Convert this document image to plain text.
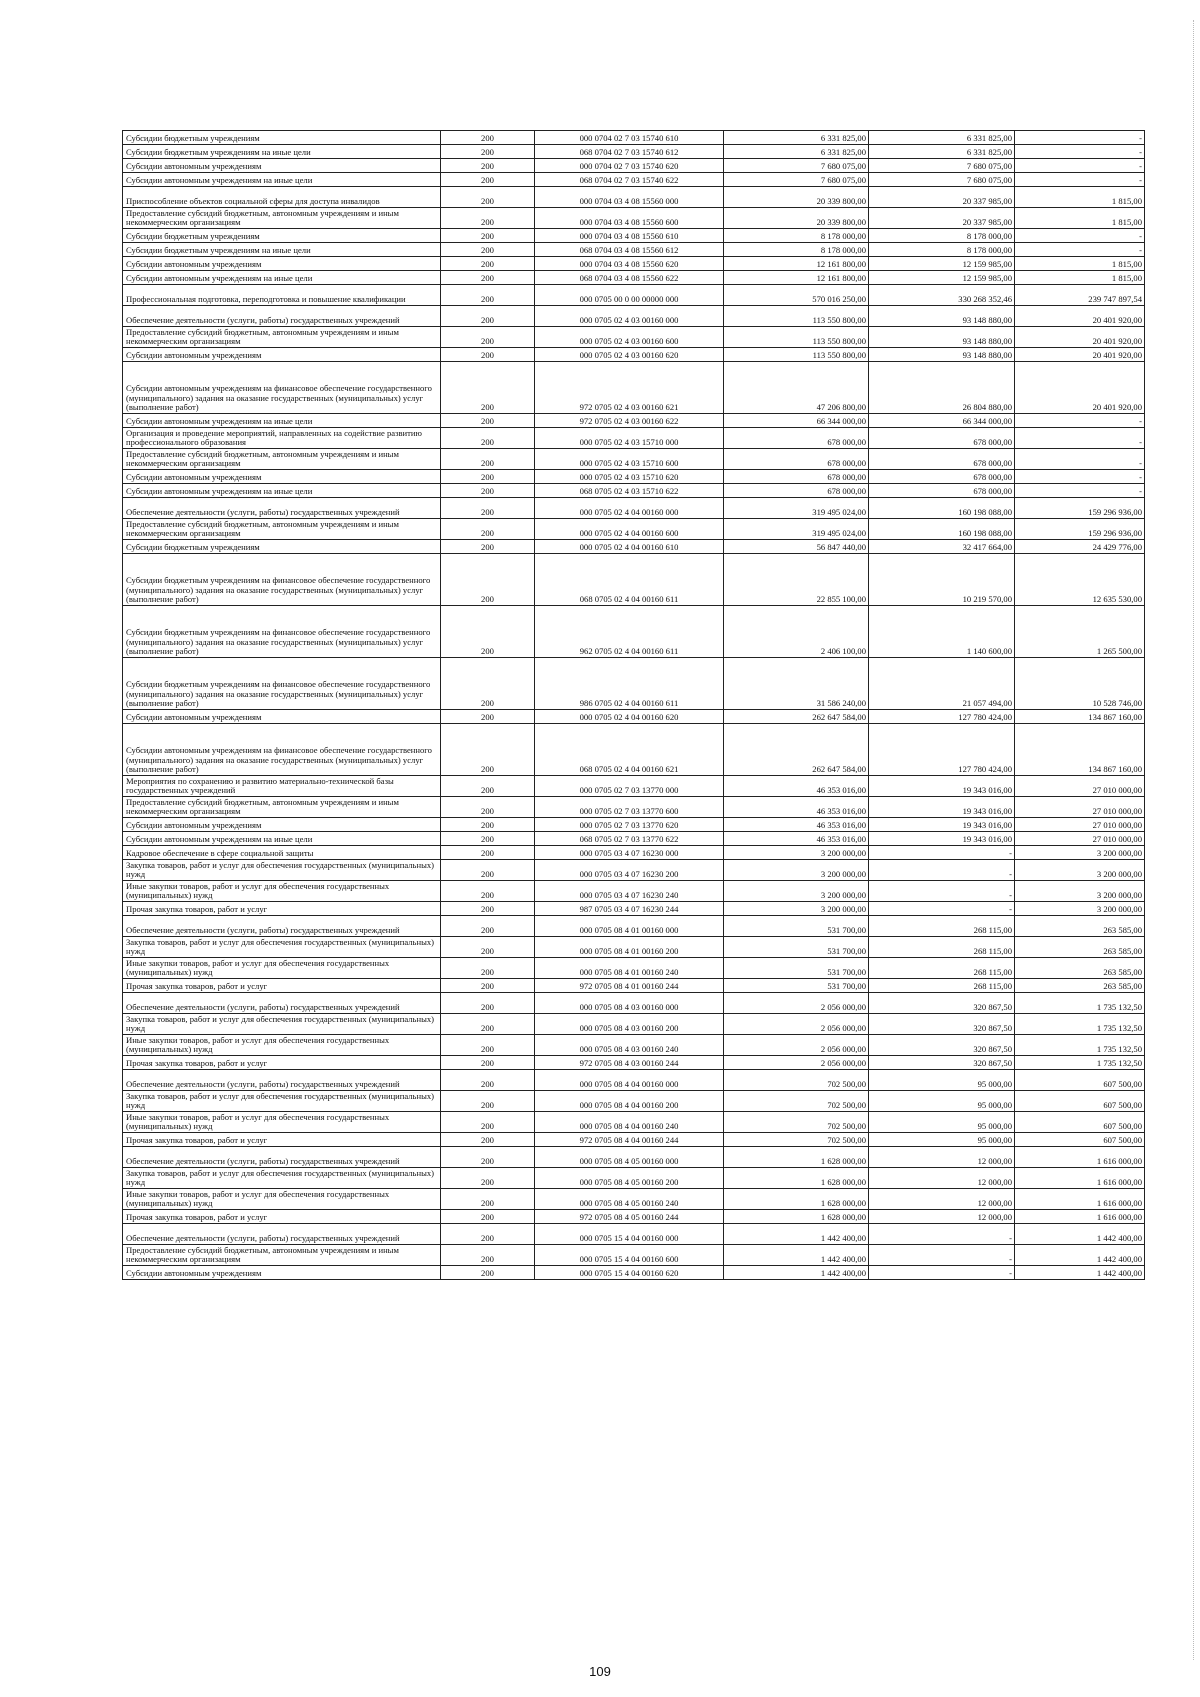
Субсидии бюджетным учреждениям	200	000 0704 02 7 03 15740 610	6 331 825,00	6 331 825,00	-
Субсидии бюджетным учреждениям на иные цели	200	068 0704 02 7 03 15740 612	6 331 825,00	6 331 825,00	-
Субсидии автономным учреждениям	200	000 0704 02 7 03 15740 620	7 680 075,00	7 680 075,00	-
Субсидии автономным учреждениям на иные цели	200	068 0704 02 7 03 15740 622	7 680 075,00	7 680 075,00	-
Приспособление объектов социальной сферы для доступа инвалидов	200	000 0704 03 4 08 15560 000	20 339 800,00	20 337 985,00	1 815,00
Предоставление субсидий бюджетным, автономным учреждениям и иным некоммерческим организациям	200	000 0704 03 4 08 15560 600	20 339 800,00	20 337 985,00	1 815,00
Субсидии бюджетным учреждениям	200	000 0704 03 4 08 15560 610	8 178 000,00	8 178 000,00	-
Субсидии бюджетным учреждениям на иные цели	200	068 0704 03 4 08 15560 612	8 178 000,00	8 178 000,00	-
Субсидии автономным учреждениям	200	000 0704 03 4 08 15560 620	12 161 800,00	12 159 985,00	1 815,00
Субсидии автономным учреждениям на иные цели	200	068 0704 03 4 08 15560 622	12 161 800,00	12 159 985,00	1 815,00
Профессиональная подготовка, переподготовка и повышение квалификации	200	000 0705 00 0 00 00000 000	570 016 250,00	330 268 352,46	239 747 897,54
Обеспечение деятельности (услуги, работы) государственных учреждений	200	000 0705 02 4 03 00160 000	113 550 800,00	93 148 880,00	20 401 920,00
Предоставление субсидий бюджетным, автономным учреждениям и иным некоммерческим организациям	200	000 0705 02 4 03 00160 600	113 550 800,00	93 148 880,00	20 401 920,00
Субсидии автономным учреждениям	200	000 0705 02 4 03 00160 620	113 550 800,00	93 148 880,00	20 401 920,00
Субсидии автономным учреждениям на финансовое обеспечение государственного (муниципального) задания на оказание государственных (муниципальных) услуг (выполнение работ)	200	972 0705 02 4 03 00160 621	47 206 800,00	26 804 880,00	20 401 920,00
Субсидии автономным учреждениям на иные цели	200	972 0705 02 4 03 00160 622	66 344 000,00	66 344 000,00	-
Организация и проведение мероприятий, направленных на содействие развитию профессионального образования	200	000 0705 02 4 03 15710 000	678 000,00	678 000,00	-
Предоставление субсидий бюджетным, автономным учреждениям и иным некоммерческим организациям	200	000 0705 02 4 03 15710 600	678 000,00	678 000,00	-
Субсидии автономным учреждениям	200	000 0705 02 4 03 15710 620	678 000,00	678 000,00	-
Субсидии автономным учреждениям на иные цели	200	068 0705 02 4 03 15710 622	678 000,00	678 000,00	-
Обеспечение деятельности (услуги, работы) государственных учреждений	200	000 0705 02 4 04 00160 000	319 495 024,00	160 198 088,00	159 296 936,00
Предоставление субсидий бюджетным, автономным учреждениям и иным некоммерческим организациям	200	000 0705 02 4 04 00160 600	319 495 024,00	160 198 088,00	159 296 936,00
Субсидии бюджетным учреждениям	200	000 0705 02 4 04 00160 610	56 847 440,00	32 417 664,00	24 429 776,00
Субсидии бюджетным учреждениям на финансовое обеспечение государственного (муниципального) задания на оказание государственных (муниципальных) услуг (выполнение работ)	200	068 0705 02 4 04 00160 611	22 855 100,00	10 219 570,00	12 635 530,00
Субсидии бюджетным учреждениям на финансовое обеспечение государственного (муниципального) задания на оказание государственных (муниципальных) услуг (выполнение работ)	200	962 0705 02 4 04 00160 611	2 406 100,00	1 140 600,00	1 265 500,00
Субсидии бюджетным учреждениям на финансовое обеспечение государственного (муниципального) задания на оказание государственных (муниципальных) услуг (выполнение работ)	200	986 0705 02 4 04 00160 611	31 586 240,00	21 057 494,00	10 528 746,00
Субсидии автономным учреждениям	200	000 0705 02 4 04 00160 620	262 647 584,00	127 780 424,00	134 867 160,00
Субсидии автономным учреждениям на финансовое обеспечение государственного (муниципального) задания на оказание государственных (муниципальных) услуг (выполнение работ)	200	068 0705 02 4 04 00160 621	262 647 584,00	127 780 424,00	134 867 160,00
Мероприятия по сохранению и развитию материально-технической базы государственных учреждений	200	000 0705 02 7 03 13770 000	46 353 016,00	19 343 016,00	27 010 000,00
Предоставление субсидий бюджетным, автономным учреждениям и иным некоммерческим организациям	200	000 0705 02 7 03 13770 600	46 353 016,00	19 343 016,00	27 010 000,00
Субсидии автономным учреждениям	200	000 0705 02 7 03 13770 620	46 353 016,00	19 343 016,00	27 010 000,00
Субсидии автономным учреждениям на иные цели	200	068 0705 02 7 03 13770 622	46 353 016,00	19 343 016,00	27 010 000,00
Кадровое обеспечение в сфере социальной защиты	200	000 0705 03 4 07 16230 000	3 200 000,00	-	3 200 000,00
Закупка товаров, работ и услуг для обеспечения государственных (муниципальных) нужд	200	000 0705 03 4 07 16230 200	3 200 000,00	-	3 200 000,00
Иные закупки товаров, работ и услуг для обеспечения государственных (муниципальных) нужд	200	000 0705 03 4 07 16230 240	3 200 000,00	-	3 200 000,00
Прочая закупка товаров, работ и услуг	200	987 0705 03 4 07 16230 244	3 200 000,00	-	3 200 000,00
Обеспечение деятельности (услуги, работы) государственных учреждений	200	000 0705 08 4 01 00160 000	531 700,00	268 115,00	263 585,00
Закупка товаров, работ и услуг для обеспечения государственных (муниципальных) нужд	200	000 0705 08 4 01 00160 200	531 700,00	268 115,00	263 585,00
Иные закупки товаров, работ и услуг для обеспечения государственных (муниципальных) нужд	200	000 0705 08 4 01 00160 240	531 700,00	268 115,00	263 585,00
Прочая закупка товаров, работ и услуг	200	972 0705 08 4 01 00160 244	531 700,00	268 115,00	263 585,00
Обеспечение деятельности (услуги, работы) государственных учреждений	200	000 0705 08 4 03 00160 000	2 056 000,00	320 867,50	1 735 132,50
Закупка товаров, работ и услуг для обеспечения государственных (муниципальных) нужд	200	000 0705 08 4 03 00160 200	2 056 000,00	320 867,50	1 735 132,50
Иные закупки товаров, работ и услуг для обеспечения государственных (муниципальных) нужд	200	000 0705 08 4 03 00160 240	2 056 000,00	320 867,50	1 735 132,50
Прочая закупка товаров, работ и услуг	200	972 0705 08 4 03 00160 244	2 056 000,00	320 867,50	1 735 132,50
Обеспечение деятельности (услуги, работы) государственных учреждений	200	000 0705 08 4 04 00160 000	702 500,00	95 000,00	607 500,00
Закупка товаров, работ и услуг для обеспечения государственных (муниципальных) нужд	200	000 0705 08 4 04 00160 200	702 500,00	95 000,00	607 500,00
Иные закупки товаров, работ и услуг для обеспечения государственных (муниципальных) нужд	200	000 0705 08 4 04 00160 240	702 500,00	95 000,00	607 500,00
Прочая закупка товаров, работ и услуг	200	972 0705 08 4 04 00160 244	702 500,00	95 000,00	607 500,00
Обеспечение деятельности (услуги, работы) государственных учреждений	200	000 0705 08 4 05 00160 000	1 628 000,00	12 000,00	1 616 000,00
Закупка товаров, работ и услуг для обеспечения государственных (муниципальных) нужд	200	000 0705 08 4 05 00160 200	1 628 000,00	12 000,00	1 616 000,00
Иные закупки товаров, работ и услуг для обеспечения государственных (муниципальных) нужд	200	000 0705 08 4 05 00160 240	1 628 000,00	12 000,00	1 616 000,00
Прочая закупка товаров, работ и услуг	200	972 0705 08 4 05 00160 244	1 628 000,00	12 000,00	1 616 000,00
Обеспечение деятельности (услуги, работы) государственных учреждений	200	000 0705 15 4 04 00160 000	1 442 400,00	-	1 442 400,00
Предоставление субсидий бюджетным, автономным учреждениям и иным некоммерческим организациям	200	000 0705 15 4 04 00160 600	1 442 400,00	-	1 442 400,00
Субсидии автономным учреждениям	200	000 0705 15 4 04 00160 620	1 442 400,00	-	1 442 400,00
109
